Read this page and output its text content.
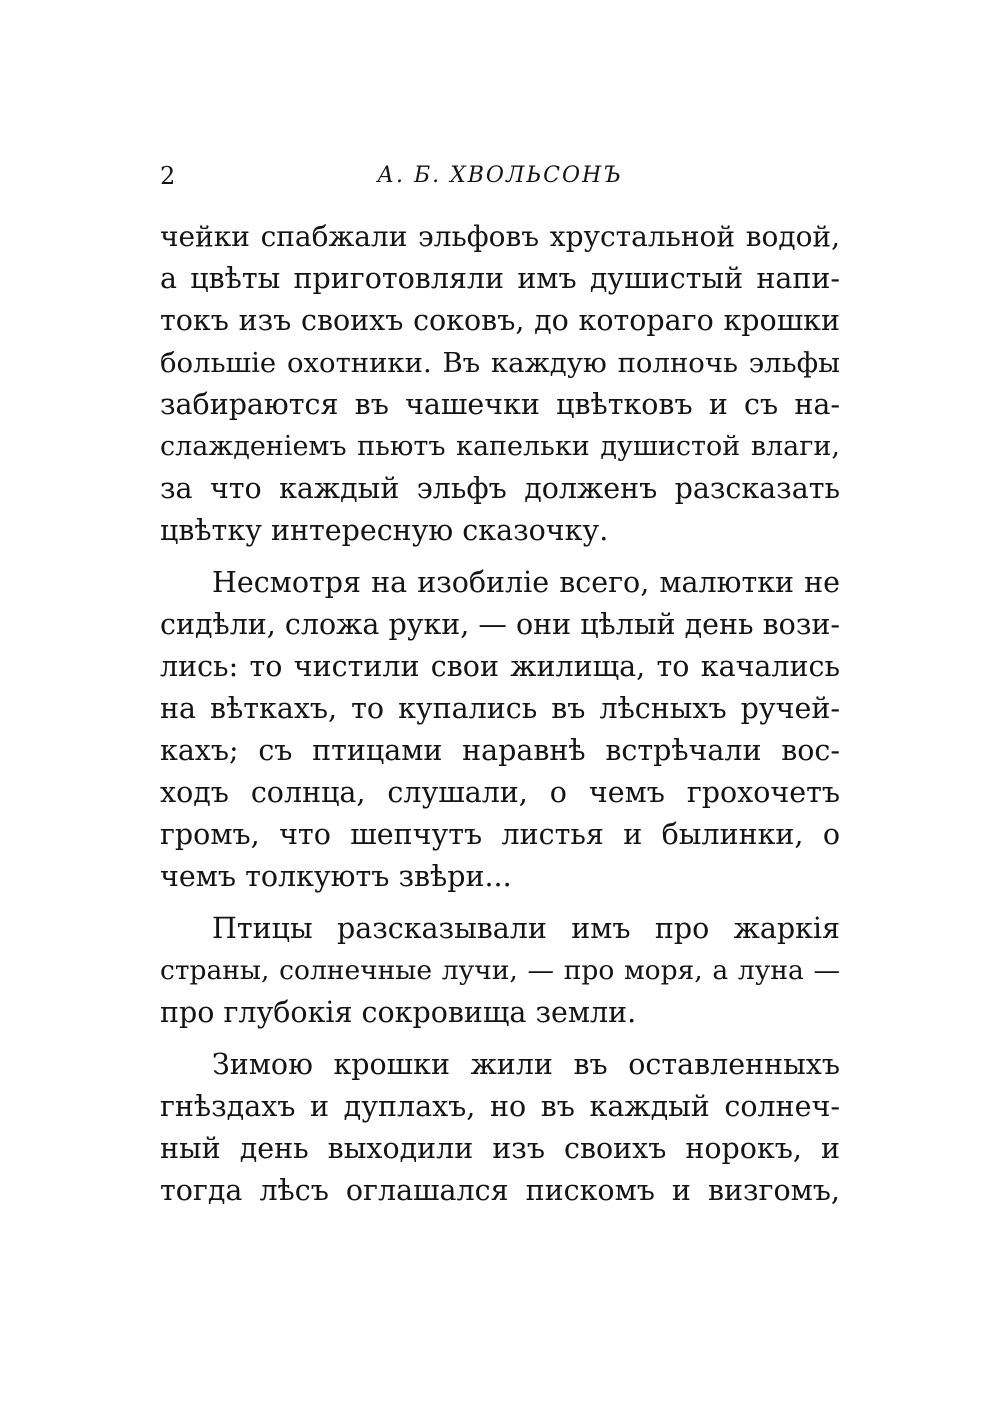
2	А. Б. ХВОЛЬСОНЪ
чейки спабжали эльфовъ хрустальной водой,
а цвѣты приготовляли имъ душистый напи-
токъ изъ своихъ соковъ, до котораго крошки
большіе охотники. Въ каждую полночь эльфы
забираются въ чашечки цвѣтковъ и съ на-
слажденіемъ пьютъ капельки душистой влаги,
за что каждый эльфъ долженъ разсказать
цвѣтку интересную сказочку.
Несмотря на изобиліе всего, малютки не
сидѣли, сложа руки, — они цѣлый день вози-
лись: то чистили свои жилища, то качались
на вѣткахъ, то купались въ лѣсныхъ ручей-
кахъ; съ птицами наравнѣ встрѣчали вос-
ходъ солнца, слушали, о чемъ грохочетъ
громъ, что шепчутъ листья и былинки, о
чемъ толкуютъ звѣри...
Птицы разсказывали имъ про жаркія
страны, солнечные лучи, — про моря, а луна —
про глубокія сокровища земли.
Зимою крошки жили въ оставленныхъ
гнѣздахъ и дуплахъ, но въ каждый солнеч-
ный день выходили изъ своихъ норокъ, и
тогда лѣсъ оглашался пискомъ и визгомъ,
